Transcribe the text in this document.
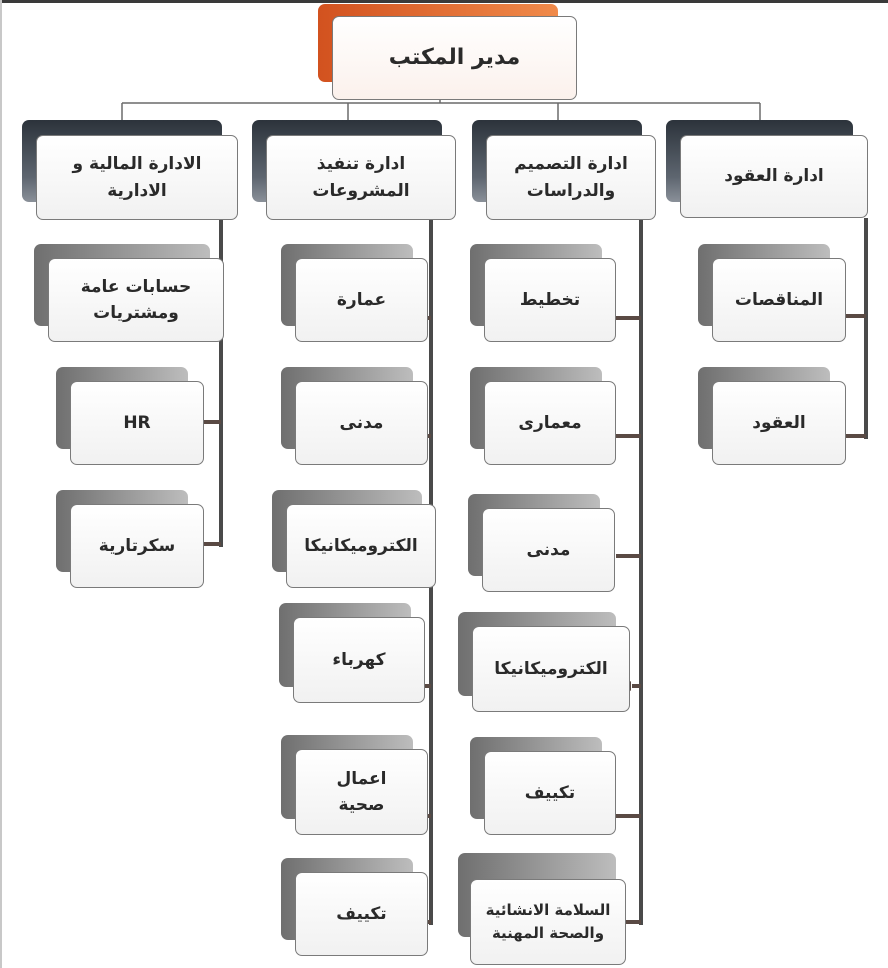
مدير المكتب
ادارة العقود
ادارة التصميم
والدراسات
ادارة تنفيذ
المشروعات
الادارة المالية و
الادارية
المناقصات
العقود
تخطيط
معمارى
مدنى
الكتروميكانيكا
تكييف
السلامة الانشائية
والصحة المهنية
عمارة
مدنى
الكتروميكانيكا
كهرباء
اعمال
صحية
تكييف
حسابات عامة
ومشتريات
HR
سكرتارية
